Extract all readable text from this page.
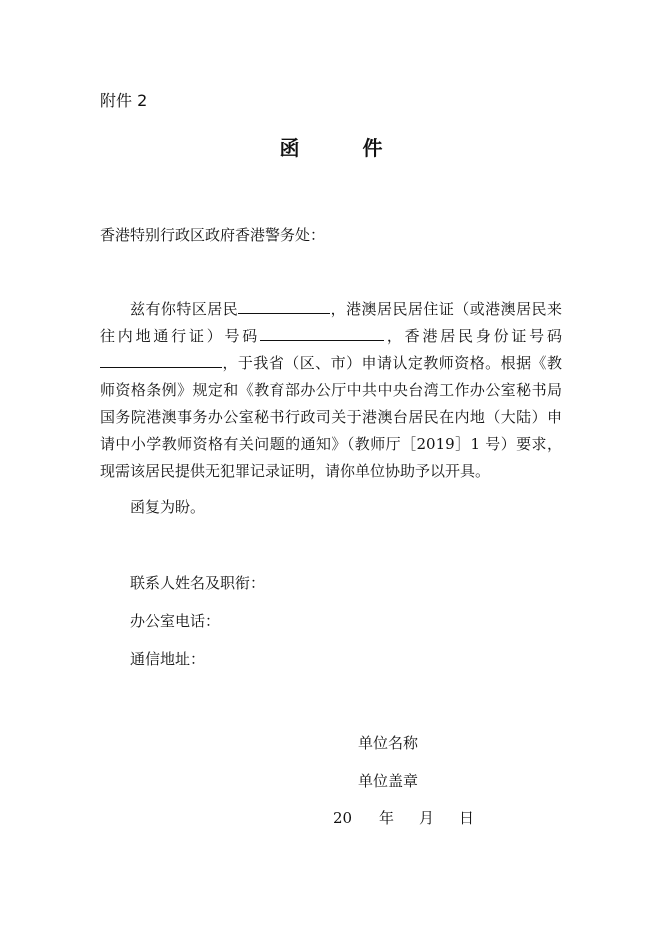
附件 2
函 件
香港特别行政区政府香港警务处：
兹有你特区居民	，港澳居民居住证（或港澳居民来往内地通行证）号码	，香港居民身份证号码，于我省（区、市）申请认定教师资格。根据《教师资格条例》规定和《教育部办公厅中共中央台湾工作办公室秘书局国务院港澳事务办公室秘书行政司关于港澳台居民在内地（大陆）申请中小学教师资格有关问题的通知》（教师厅［2019］1 号）要求，现需该居民提供无犯罪记录证明，请你单位协助予以开具。
函复为盼。
联系人姓名及职衔：
办公室电话：
通信地址：
单位名称
单位盖章
20 年 月 日
